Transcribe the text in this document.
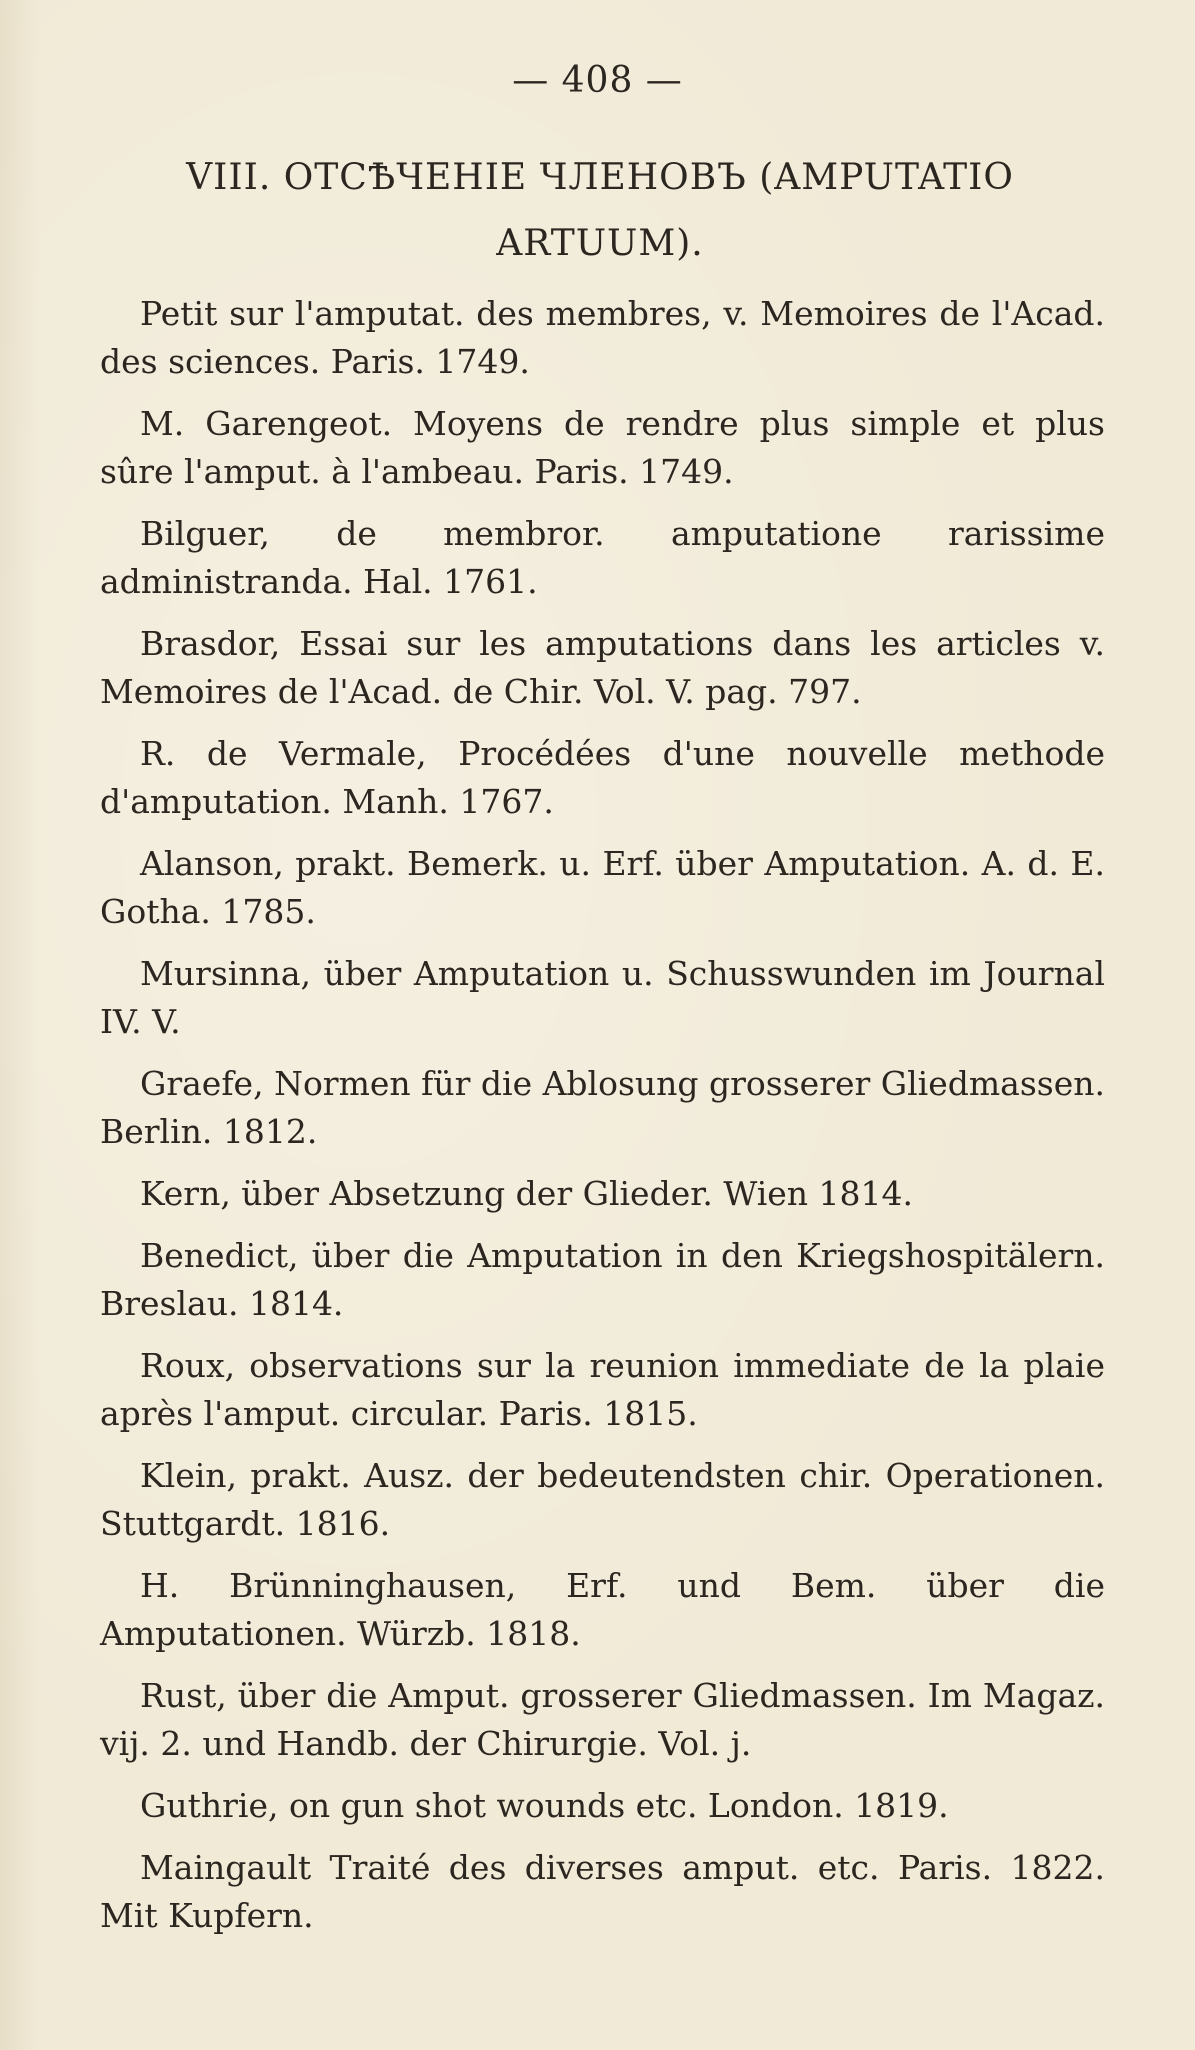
— 408 —
VIII. ОТСѢЧЕНІЕ ЧЛЕНОВЪ (AMPUTATIO ARTUUM).
Petit sur l'amputat. des membres, v. Memoires de l'Acad. des sciences. Paris. 1749.
M. Garengeot. Moyens de rendre plus simple et plus sûre l'amput. à l'ambeau. Paris. 1749.
Bilguer, de membror. amputatione rarissime administranda. Hal. 1761.
Brasdor, Essai sur les amputations dans les articles v. Memoires de l'Acad. de Chir. Vol. V. pag. 797.
R. de Vermale, Procédées d'une nouvelle methode d'amputation. Manh. 1767.
Alanson, prakt. Bemerk. u. Erf. über Amputation. A. d. E. Gotha. 1785.
Mursinna, über Amputation u. Schusswunden im Journal IV. V.
Graefe, Normen für die Ablosung grosserer Gliedmassen. Berlin. 1812.
Kern, über Absetzung der Glieder. Wien 1814.
Benedict, über die Amputation in den Kriegshospitälern. Breslau. 1814.
Roux, observations sur la reunion immediate de la plaie après l'amput. circular. Paris. 1815.
Klein, prakt. Ausz. der bedeutendsten chir. Operationen. Stuttgardt. 1816.
H. Brünninghausen, Erf. und Bem. über die Amputationen. Würzb. 1818.
Rust, über die Amput. grosserer Gliedmassen. Im Magaz. vij. 2. und Handb. der Chirurgie. Vol. j.
Guthrie, on gun shot wounds etc. London. 1819.
Maingault Traité des diverses amput. etc. Paris. 1822. Mit Kupfern.
